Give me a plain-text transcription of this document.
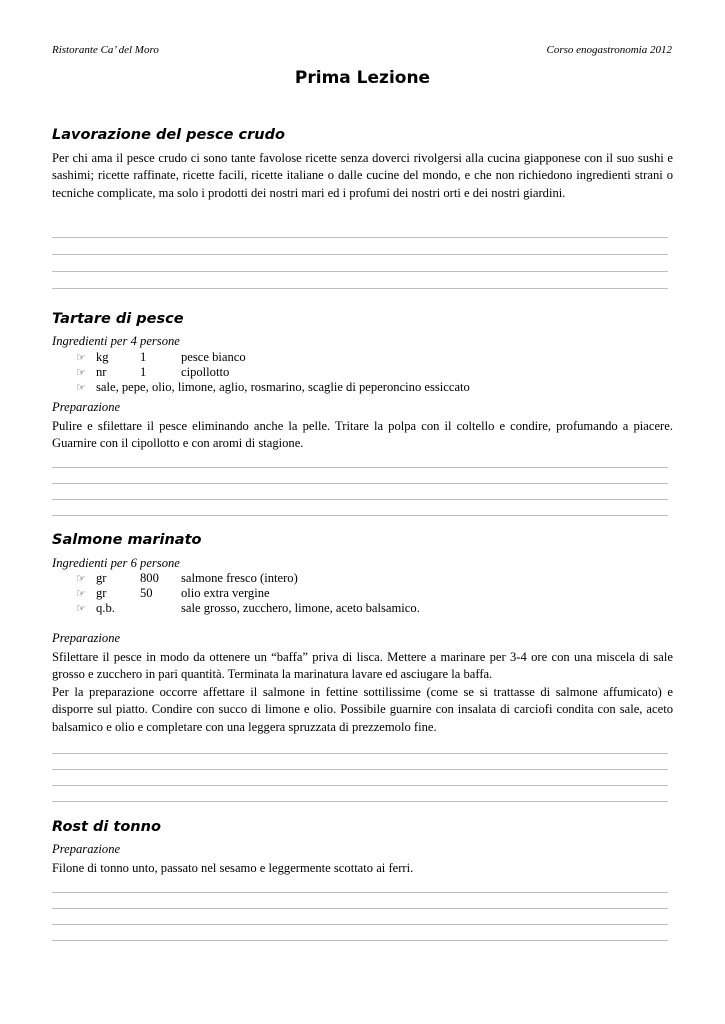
Ristorante Ca’ del Moro	Corso enogastronomia 2012
Prima Lezione
Lavorazione del pesce crudo
Per chi ama il pesce crudo ci sono tante favolose ricette senza doverci rivolgersi alla cucina giapponese con il suo sushi e sashimi; ricette raffinate, ricette facili, ricette italiane o dalle cucine del mondo, e che non richiedono ingredienti strani o tecniche complicate, ma solo i prodotti dei nostri mari ed i profumi dei nostri orti e dei nostri giardini.
Tartare di pesce
Ingredienti per 4 persone
☞ kg 1	pesce bianco
☞ nr	1	cipollotto
☞ sale, pepe, olio, limone, aglio, rosmarino, scaglie di peperoncino essiccato
Preparazione
Pulire e sfilettare il pesce eliminando anche la pelle. Tritare la polpa con il coltello e condire, profumando a piacere. Guarnire con il cipollotto e con aromi di stagione.
Salmone marinato
Ingredienti per 6 persone
☞ gr	800 salmone fresco (intero)
☞ gr	50 olio extra vergine
☞ q.b.	sale grosso, zucchero, limone, aceto balsamico.
Preparazione
Sfilettare il pesce in modo da ottenere un “baffa” priva di lisca. Mettere a marinare per 3-4 ore con una miscela di sale grosso e zucchero in pari quantità. Terminata la marinatura lavare ed asciugare la baffa.
Per la preparazione occorre affettare il salmone in fettine sottilissime (come se si trattasse di salmone affumicato) e disporre sul piatto. Condire con succo di limone e olio. Possibile guarnire con insalata di carciofi condita con sale, aceto balsamico e olio e completare con una leggera spruzzata di prezzemolo fine.
Rost di tonno
Preparazione
Filone di tonno unto, passato nel sesamo e leggermente scottato ai ferri.
